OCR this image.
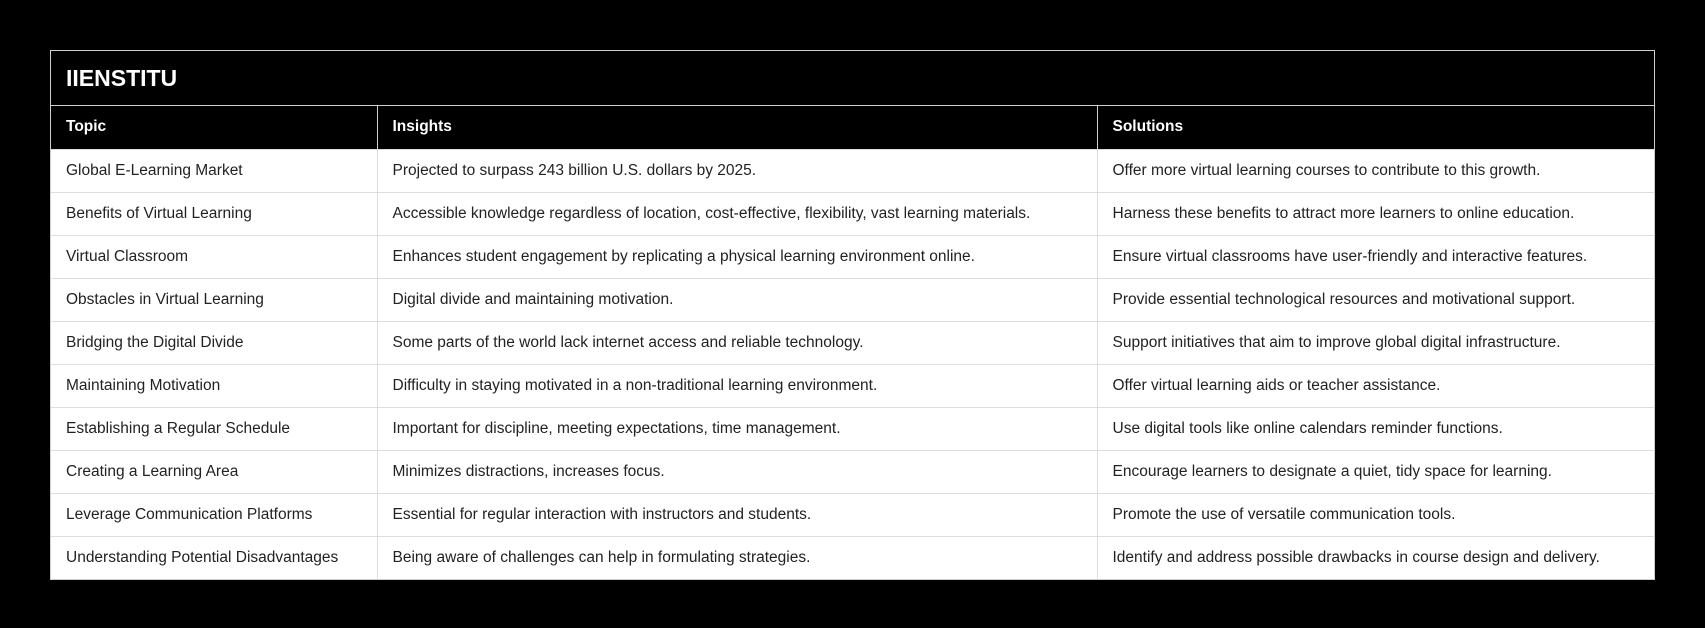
IIENSTITU
Topic	Insights	Solutions
Global E-Learning Market	Projected to surpass 243 billion U.S. dollars by 2025.	Offer more virtual learning courses to contribute to this growth.
Benefits of Virtual Learning	Accessible knowledge regardless of location, cost-effective, flexibility, vast learning materials.	Harness these benefits to attract more learners to online education.
Virtual Classroom	Enhances student engagement by replicating a physical learning environment online.	Ensure virtual classrooms have user-friendly and interactive features.
Obstacles in Virtual Learning	Digital divide and maintaining motivation.	Provide essential technological resources and motivational support.
Bridging the Digital Divide	Some parts of the world lack internet access and reliable technology.	Support initiatives that aim to improve global digital infrastructure.
Maintaining Motivation	Difficulty in staying motivated in a non-traditional learning environment.	Offer virtual learning aids or teacher assistance.
Establishing a Regular Schedule	Important for discipline, meeting expectations, time management.	Use digital tools like online calendars reminder functions.
Creating a Learning Area	Minimizes distractions, increases focus.	Encourage learners to designate a quiet, tidy space for learning.
Leverage Communication Platforms	Essential for regular interaction with instructors and students.	Promote the use of versatile communication tools.
Understanding Potential Disadvantages	Being aware of challenges can help in formulating strategies.	Identify and address possible drawbacks in course design and delivery.
